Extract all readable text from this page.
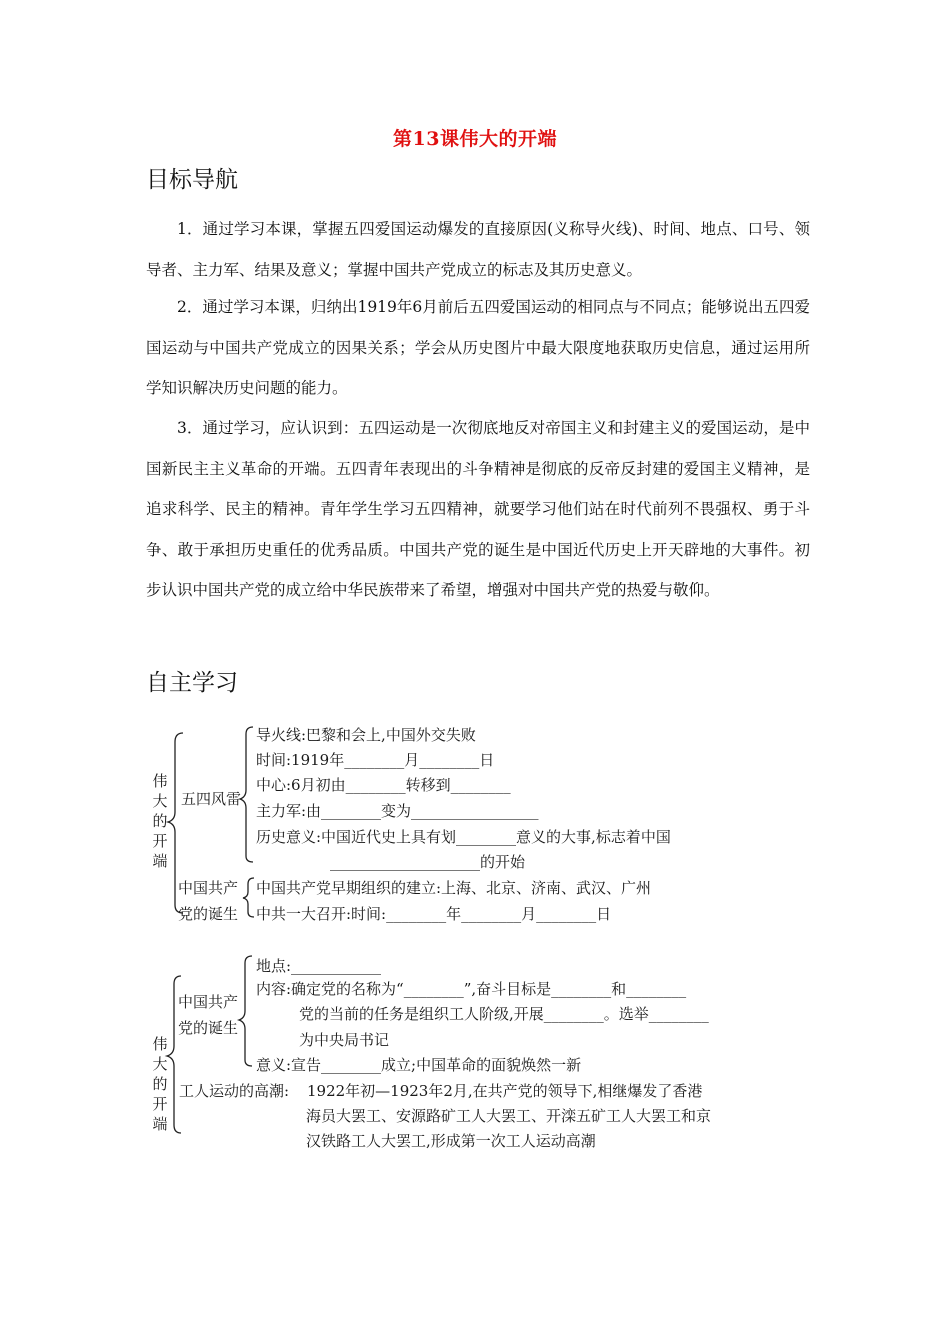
第13课伟大的开端
目标导航

1．通过学习本课，掌握五四爱国运动爆发的直接原因(义称导火线)、时间、地点、口号、领导者、主力军、结果及意义；掌握中国共产党成立的标志及其历史意义。

2．通过学习本课，归纳出1919年6月前后五四爱国运动的相同点与不同点；能够说出五四爱国运动与中国共产党成立的因果关系；学会从历史图片中最大限度地获取历史信息，通过运用所学知识解决历史问题的能力。

3．通过学习，应认识到：五四运动是一次彻底地反对帝国主义和封建主义的爱国运动，是中国新民主主义革命的开端。五四青年表现出的斗争精神是彻底的反帝反封建的爱国主义精神，是追求科学、民主的精神。青年学生学习五四精神，就要学习他们站在时代前列不畏强权、勇于斗争、敢于承担历史重任的优秀品质。中国共产党的诞生是中国近代历史上开天辟地的大事件。初步认识中国共产党的成立给中华民族带来了希望，增强对中国共产党的热爱与敬仰。

自主学习
伟大的开端
五四风雷
导火线:巴黎和会上,中国外交失败
时间:1919年________月________日
中心:6月初由________转移到________
主力军:由________变为_________________
历史意义:中国近代史上具有划________意义的大事,标志着中国
____________________的开始
中国共产
党的诞生
中国共产党早期组织的建立:上海、北京、济南、武汉、广州
中共一大召开:时间:________年________月________日
伟大的开端
中国共产
党的诞生
地点:____________
内容:确定党的名称为“________”,奋斗目标是________和________
党的当前的任务是组织工人阶级,开展________。选举________
为中央局书记
意义:宣告________成立;中国革命的面貌焕然一新
工人运动的高潮: 1922年初—1923年2月,在共产党的领导下,相继爆发了香港
海员大罢工、安源路矿工人大罢工、开滦五矿工人大罢工和京
汉铁路工人大罢工,形成第一次工人运动高潮
